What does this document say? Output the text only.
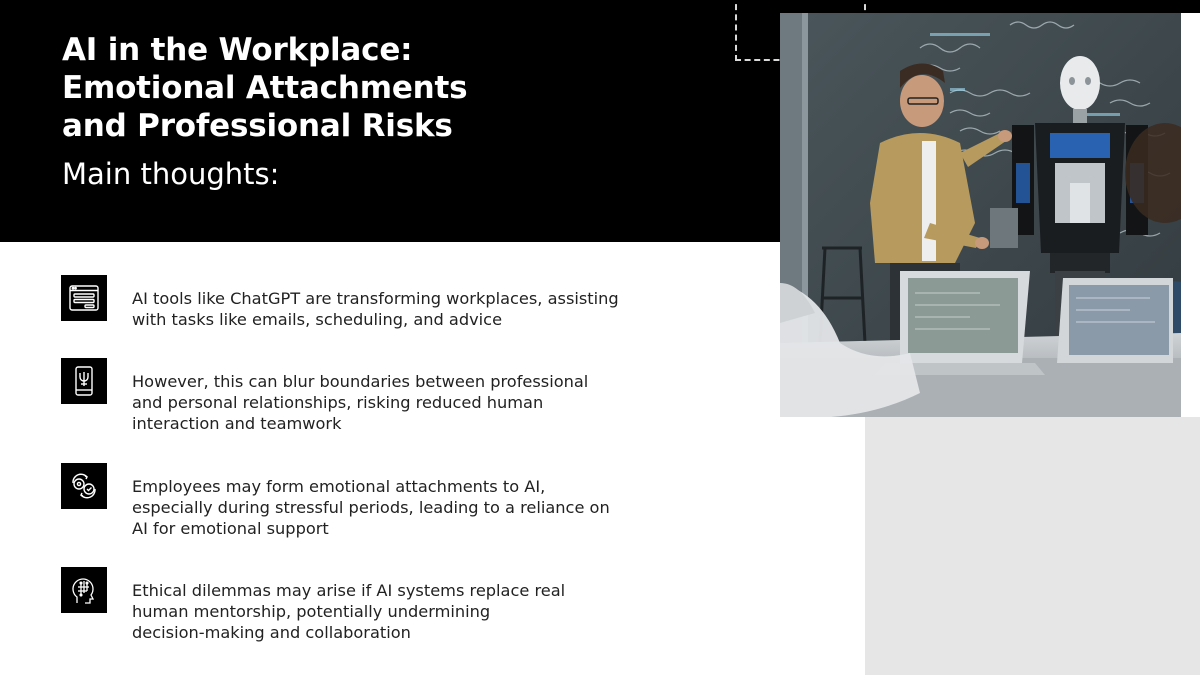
AI in the Workplace:
Emotional Attachments
and Professional Risks
Main thoughts:

AI tools like ChatGPT are transforming workplaces, assisting
with tasks like emails, scheduling, and advice

However, this can blur boundaries between professional
and personal relationships, risking reduced human
interaction and teamwork

Employees may form emotional attachments to AI,
especially during stressful periods, leading to a reliance on
AI for emotional support

Ethical dilemmas may arise if AI systems replace real
human mentorship, potentially undermining
decision-making and collaboration
